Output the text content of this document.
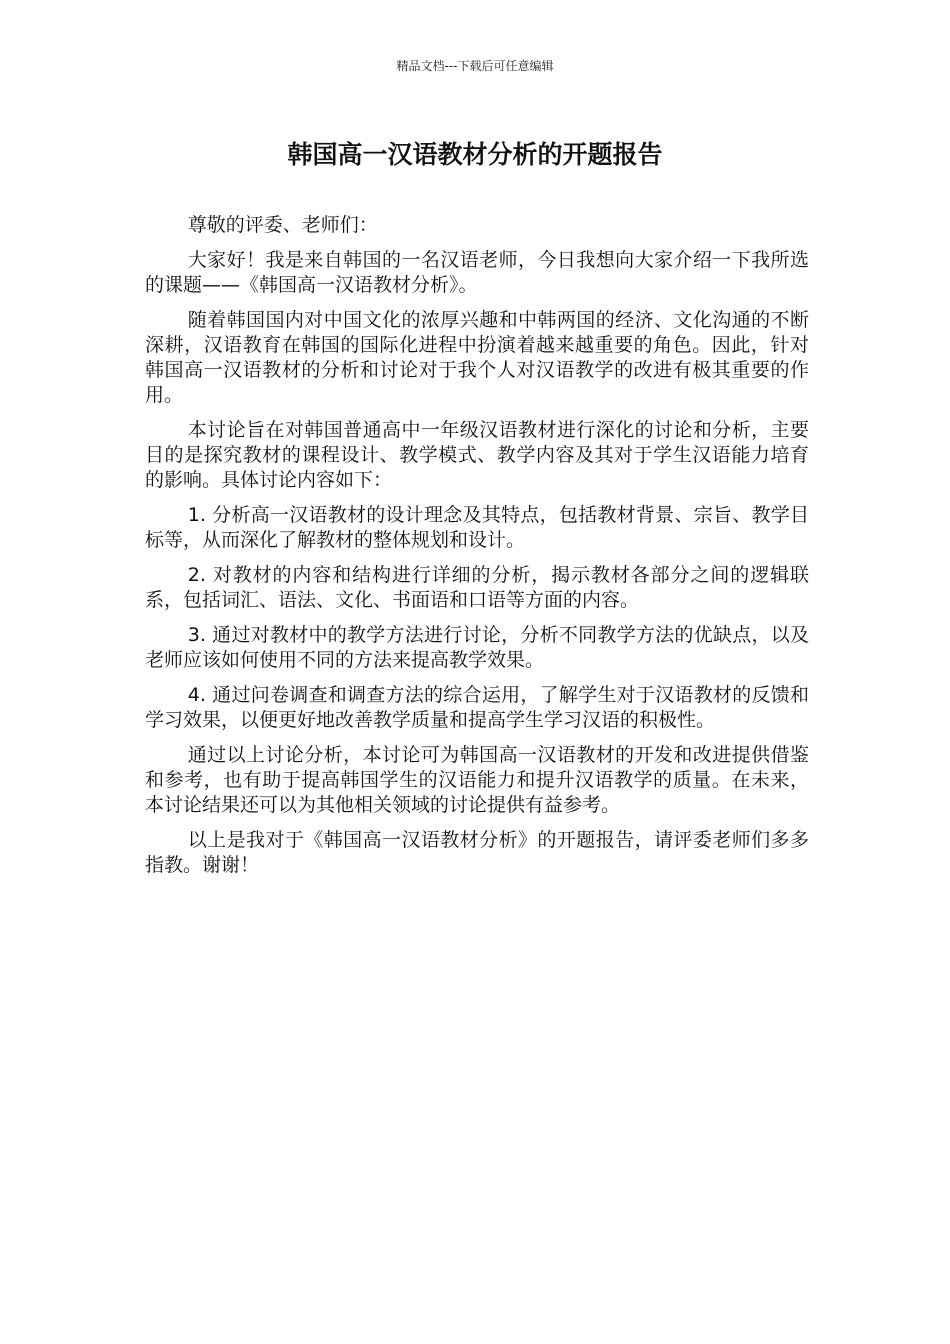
精品文档---下载后可任意编辑
韩国高一汉语教材分析的开题报告

尊敬的评委、老师们：

大家好！我是来自韩国的一名汉语老师，今日我想向大家介绍一下我所选的课题——《韩国高一汉语教材分析》。

随着韩国国内对中国文化的浓厚兴趣和中韩两国的经济、文化沟通的不断深耕，汉语教育在韩国的国际化进程中扮演着越来越重要的角色。因此，针对韩国高一汉语教材的分析和讨论对于我个人对汉语教学的改进有极其重要的作用。

本讨论旨在对韩国普通高中一年级汉语教材进行深化的讨论和分析，主要目的是探究教材的课程设计、教学模式、教学内容及其对于学生汉语能力培育的影响。具体讨论内容如下：

1. 分析高一汉语教材的设计理念及其特点，包括教材背景、宗旨、教学目标等，从而深化了解教材的整体规划和设计。

2. 对教材的内容和结构进行详细的分析，揭示教材各部分之间的逻辑联系，包括词汇、语法、文化、书面语和口语等方面的内容。

3. 通过对教材中的教学方法进行讨论，分析不同教学方法的优缺点，以及老师应该如何使用不同的方法来提高教学效果。

4. 通过问卷调查和调查方法的综合运用，了解学生对于汉语教材的反馈和学习效果，以便更好地改善教学质量和提高学生学习汉语的积极性。

通过以上讨论分析，本讨论可为韩国高一汉语教材的开发和改进提供借鉴和参考，也有助于提高韩国学生的汉语能力和提升汉语教学的质量。在未来，本讨论结果还可以为其他相关领域的讨论提供有益参考。

以上是我对于《韩国高一汉语教材分析》的开题报告，请评委老师们多多指教。谢谢！
